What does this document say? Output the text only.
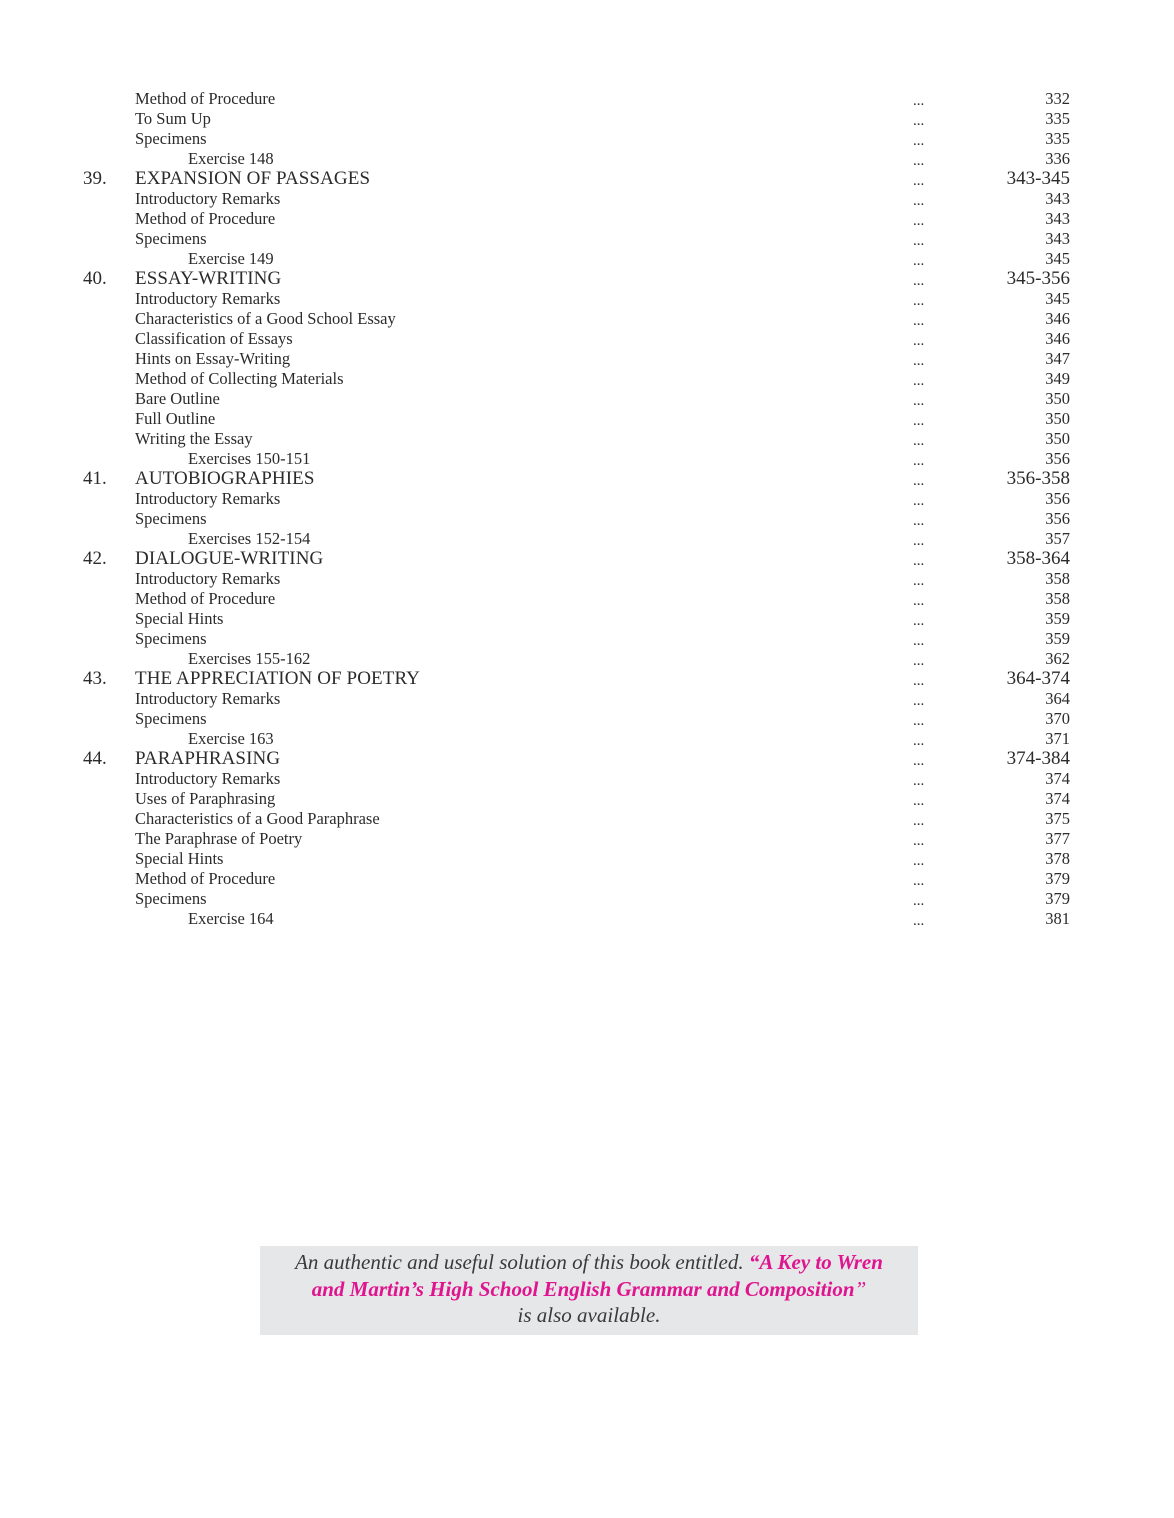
Method of Procedure	...	332
To Sum Up	...	335
Specimens	...	335
Exercise 148	...	336
39. EXPANSION OF PASSAGES	...	343-345
Introductory Remarks	...	343
Method of Procedure	...	343
Specimens	...	343
Exercise 149	...	345
40. ESSAY-WRITING	...	345-356
Introductory Remarks	...	345
Characteristics of a Good School Essay	...	346
Classification of Essays	...	346
Hints on Essay-Writing	...	347
Method of Collecting Materials	...	349
Bare Outline	...	350
Full Outline	...	350
Writing the Essay	...	350
Exercises 150-151	...	356
41. AUTOBIOGRAPHIES	...	356-358
Introductory Remarks	...	356
Specimens	...	356
Exercises 152-154	...	357
42. DIALOGUE-WRITING	...	358-364
Introductory Remarks	...	358
Method of Procedure	...	358
Special Hints	...	359
Specimens	...	359
Exercises 155-162	...	362
43. THE APPRECIATION OF POETRY	...	364-374
Introductory Remarks	...	364
Specimens	...	370
Exercise 163	...	371
44. PARAPHRASING	...	374-384
Introductory Remarks	...	374
Uses of Paraphrasing	...	374
Characteristics of a Good Paraphrase	...	375
The Paraphrase of Poetry	...	377
Special Hints	...	378
Method of Procedure	...	379
Specimens	...	379
Exercise 164	...	381
An authentic and useful solution of this book entitled. “A Key to Wren
and Martin’s High School English Grammar and Composition”
is also available.
